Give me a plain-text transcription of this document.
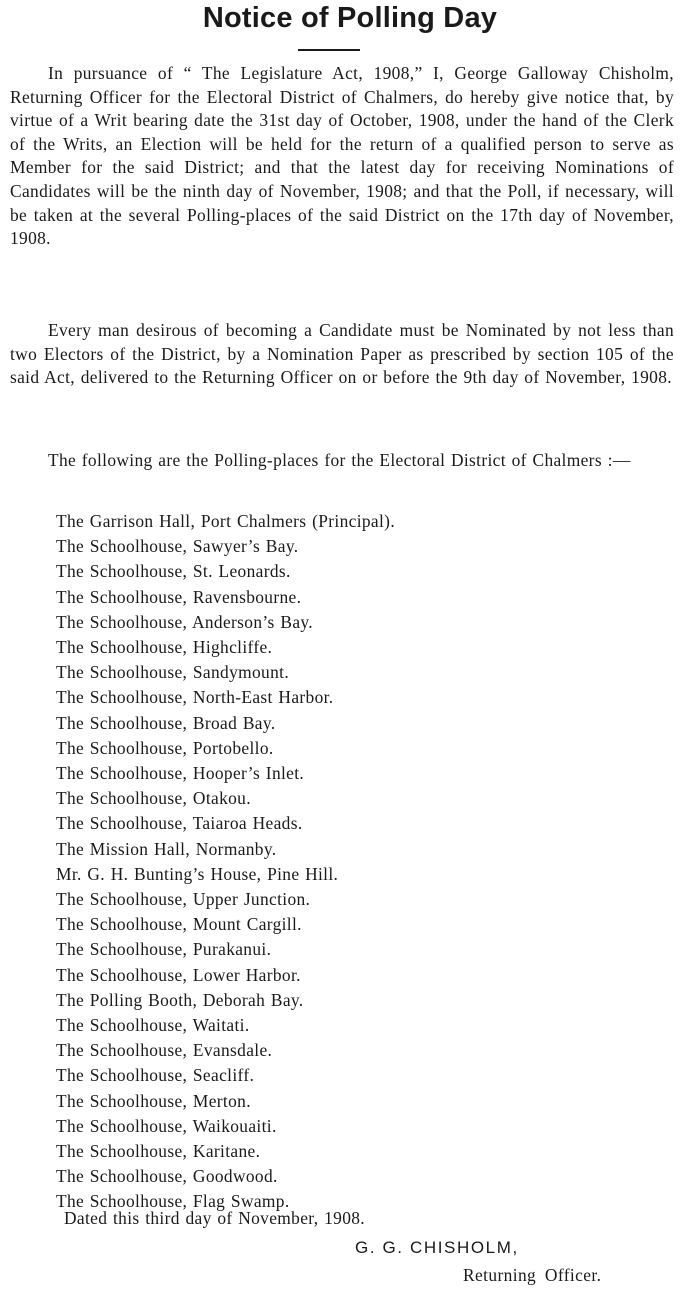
Notice of Polling Day

In pursuance of “ The Legislature Act, 1908,” I, George Galloway Chisholm, Returning Officer for the Electoral District of Chalmers, do hereby give notice that, by virtue of a Writ bearing date the 31st day of October, 1908, under the hand of the Clerk of the Writs, an Election will be held for the return of a qualified person to serve as Member for the said District; and that the latest day for receiving Nominations of Candidates will be the ninth day of November, 1908; and that the Poll, if necessary, will be taken at the several Polling-places of the said District on the 17th day of November, 1908.

Every man desirous of becoming a Candidate must be Nominated by not less than two Electors of the District, by a Nomination Paper as prescribed by section 105 of the said Act, delivered to the Returning Officer on or before the 9th day of November, 1908.

The following are the Polling-places for the Electoral District of Chalmers :—

The Garrison Hall, Port Chalmers (Principal).
The Schoolhouse, Sawyer’s Bay.
The Schoolhouse, St. Leonards.
The Schoolhouse, Ravensbourne.
The Schoolhouse, Anderson’s Bay.
The Schoolhouse, Highcliffe.
The Schoolhouse, Sandymount.
The Schoolhouse, North-East Harbor.
The Schoolhouse, Broad Bay.
The Schoolhouse, Portobello.
The Schoolhouse, Hooper’s Inlet.
The Schoolhouse, Otakou.
The Schoolhouse, Taiaroa Heads.
The Mission Hall, Normanby.
Mr. G. H. Bunting’s House, Pine Hill.
The Schoolhouse, Upper Junction.
The Schoolhouse, Mount Cargill.
The Schoolhouse, Purakanui.
The Schoolhouse, Lower Harbor.
The Polling Booth, Deborah Bay.
The Schoolhouse, Waitati.
The Schoolhouse, Evansdale.
The Schoolhouse, Seacliff.
The Schoolhouse, Merton.
The Schoolhouse, Waikouaiti.
The Schoolhouse, Karitane.
The Schoolhouse, Goodwood.
The Schoolhouse, Flag Swamp.
Dated this third day of November, 1908.
G. G. CHISHOLM,
Returning Officer.
